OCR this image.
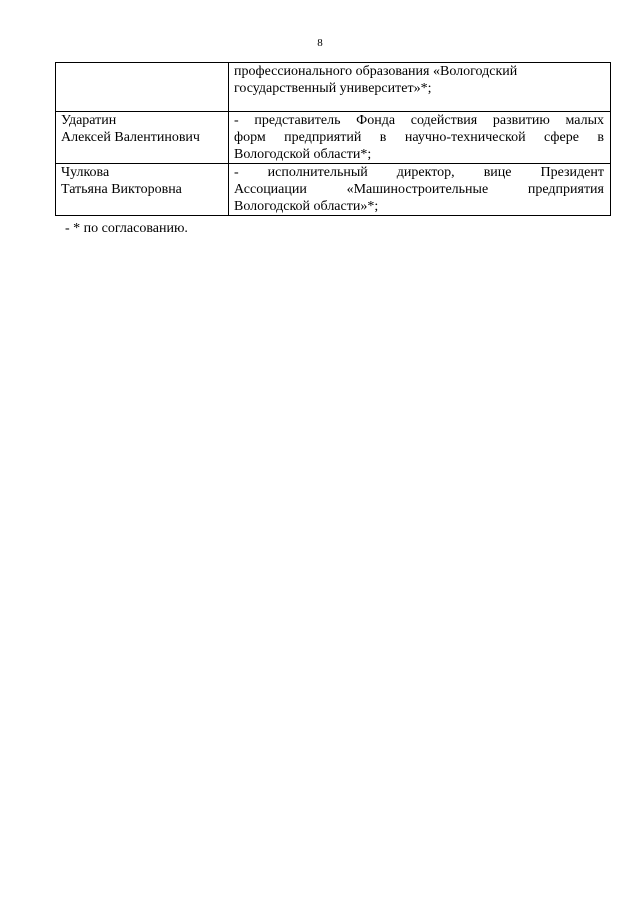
8

	профессионального образования «Вологодский
государственный университет»*;

Ударатин
Алексей Валентинович	- представитель Фонда содействия развитию малых
форм предприятий в научно-технической сфере в
Вологодской области*;

Чулкова
Татьяна Викторовна	- исполнительный директор, вице Президент
Ассоциации «Машиностроительные предприятия
Вологодской области»*;
- * по согласованию.
